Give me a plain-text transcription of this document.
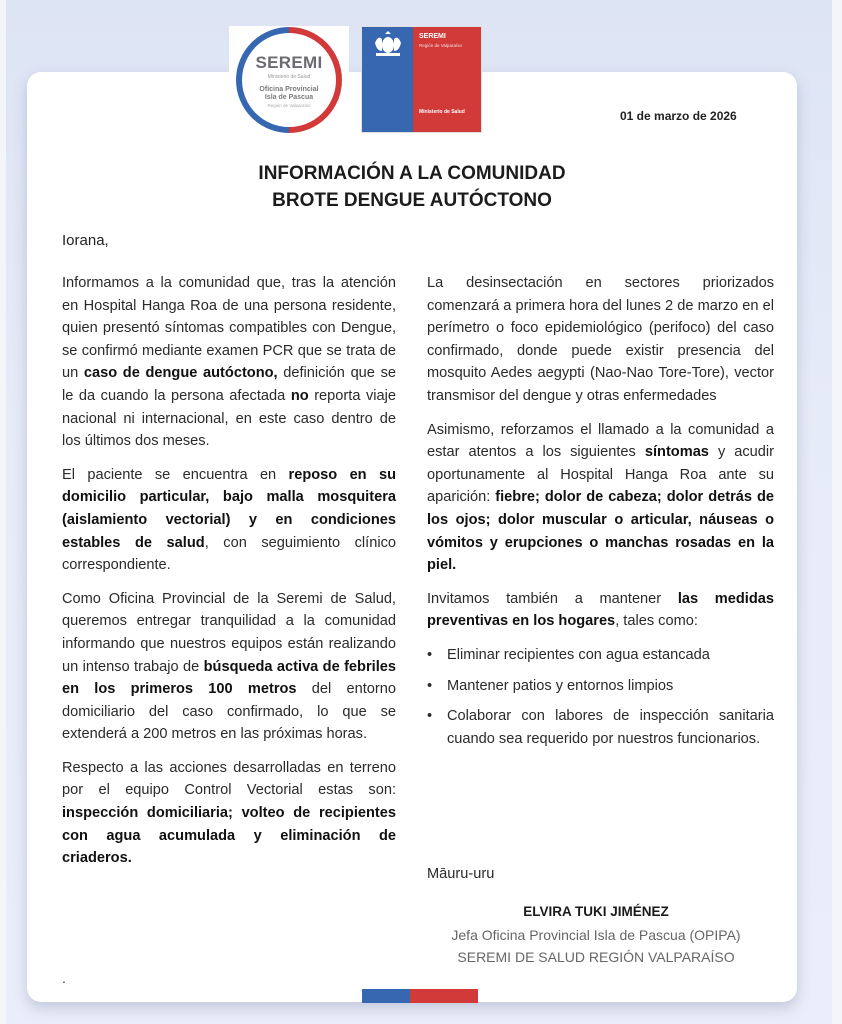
SEREMI
Ministerio de Salud
Oficina Provincial
Isla de Pascua
Región de Valparaíso
SEREMI
Región de Valparaíso
Ministerio de Salud	01 de marzo de 2026
INFORMACIÓN A LA COMUNIDAD
BROTE DENGUE AUTÓCTONO
Iorana,

Informamos a la comunidad que, tras la atención en Hospital Hanga Roa de una persona residente, quien presentó síntomas compatibles con Dengue, se confirmó mediante examen PCR que se trata de un caso de dengue autóctono, definición que se le da cuando la persona afectada no reporta viaje nacional ni internacional, en este caso dentro de los últimos dos meses.

El paciente se encuentra en reposo en su domicilio particular, bajo malla mosquitera (aislamiento vectorial) y en condiciones estables de salud, con seguimiento clínico correspondiente.

Como Oficina Provincial de la Seremi de Salud, queremos entregar tranquilidad a la comunidad informando que nuestros equipos están realizando un intenso trabajo de búsqueda activa de febriles en los primeros 100 metros del entorno domiciliario del caso confirmado, lo que se extenderá a 200 metros en las próximas horas.

Respecto a las acciones desarrolladas en terreno por el equipo Control Vectorial estas son: inspección domiciliaria; volteo de recipientes con agua acumulada y eliminación de criaderos.

.

La desinsectación en sectores priorizados comenzará a primera hora del lunes 2 de marzo en el perímetro o foco epidemiológico (perifoco) del caso confirmado, donde puede existir presencia del mosquito Aedes aegypti (Nao-Nao Tore-Tore), vector transmisor del dengue y otras enfermedades

Asimismo, reforzamos el llamado a la comunidad a estar atentos a los siguientes síntomas y acudir oportunamente al Hospital Hanga Roa ante su aparición: fiebre; dolor de cabeza; dolor detrás de los ojos; dolor muscular o articular, náuseas o vómitos y erupciones o manchas rosadas en la piel.

Invitamos también a mantener las medidas preventivas en los hogares, tales como:

• Eliminar recipientes con agua estancada
• Mantener patios y entornos limpios
• Colaborar con labores de inspección sanitaria cuando sea requerido por nuestros funcionarios.
Māuru-uru
ELVIRA TUKI JIMÉNEZ
Jefa Oficina Provincial Isla de Pascua (OPIPA)
SEREMI DE SALUD REGIÓN VALPARAÍSO
